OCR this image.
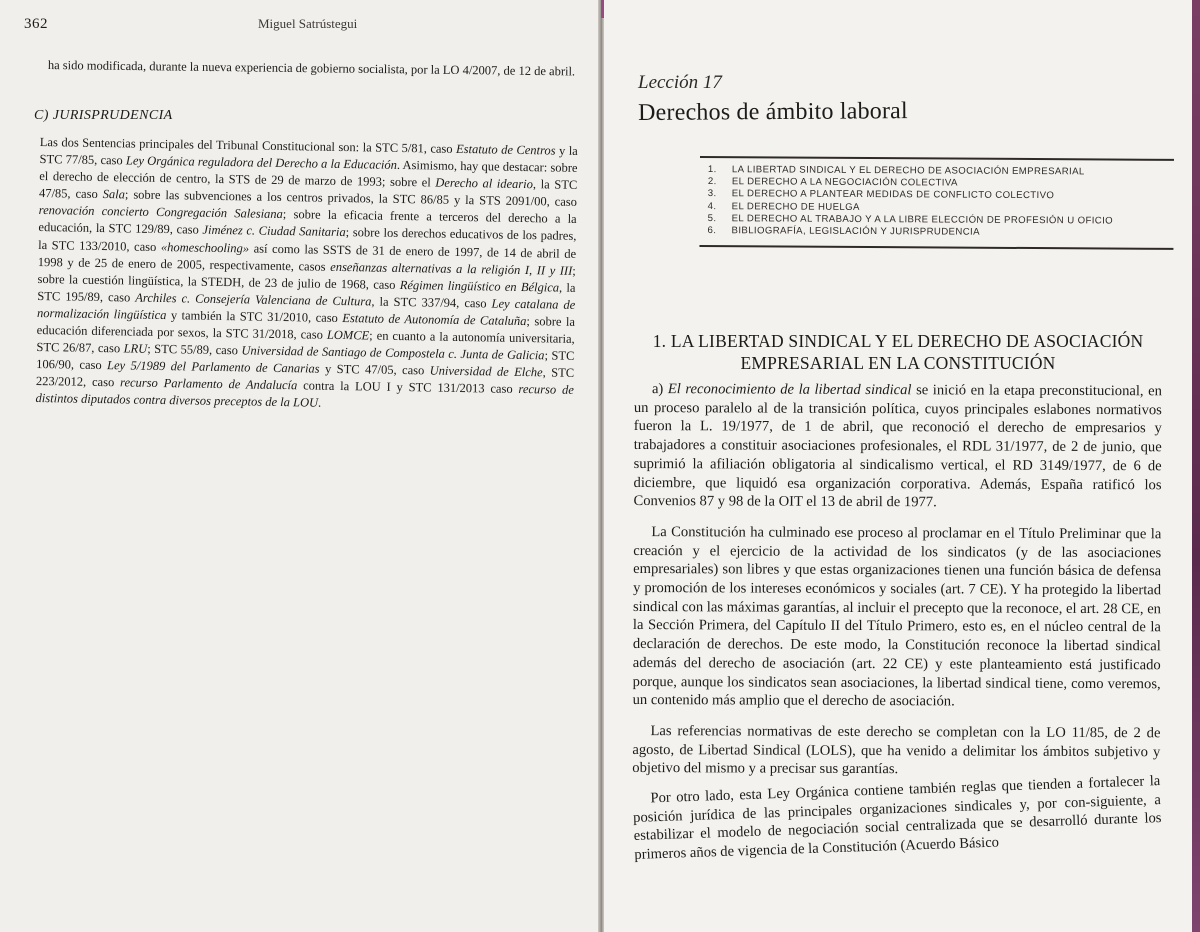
362	Miguel Satrústegui

ha sido modificada, durante la nueva experiencia de gobierno socialista, por la LO 4/2007, de 12 de abril.

C) JURISPRUDENCIA

Las dos Sentencias principales del Tribunal Constitucional son: la STC 5/81, caso Estatuto de Centros y la STC 77/85, caso Ley Orgánica reguladora del Derecho a la Educación. Asimismo, hay que destacar: sobre el derecho de elección de centro, la STS de 29 de marzo de 1993; sobre el Derecho al ideario, la STC 47/85, caso Sala; sobre las subvenciones a los centros privados, la STC 86/85 y la STS 2091/00, caso renovación concierto Congregación Salesiana; sobre la eficacia frente a terceros del derecho a la educación, la STC 129/89, caso Jiménez c. Ciudad Sanitaria; sobre los derechos educativos de los padres, la STC 133/2010, caso «homeschooling» así como las SSTS de 31 de enero de 1997, de 14 de abril de 1998 y de 25 de enero de 2005, respectivamente, casos enseñanzas alternativas a la religión I, II y III; sobre la cuestión lingüística, la STEDH, de 23 de julio de 1968, caso Régimen lingüístico en Bélgica, la STC 195/89, caso Archiles c. Consejería Valenciana de Cultura, la STC 337/94, caso Ley catalana de normalización lingüística y también la STC 31/2010, caso Estatuto de Autonomía de Cataluña; sobre la educación diferenciada por sexos, la STC 31/2018, caso LOMCE; en cuanto a la autonomía universitaria, STC 26/87, caso LRU; STC 55/89, caso Universidad de Santiago de Compostela c. Junta de Galicia; STC 106/90, caso Ley 5/1989 del Parlamento de Canarias y STC 47/05, caso Universidad de Elche, STC 223/2012, caso recurso Parlamento de Andalucía contra la LOU I y STC 131/2013 caso recurso de distintos diputados contra diversos preceptos de la LOU.

Lección 17
Derechos de ámbito laboral
1. LA LIBERTAD SINDICAL Y EL DERECHO DE ASOCIACIÓN EMPRESARIAL
2. EL DERECHO A LA NEGOCIACIÓN COLECTIVA
3. EL DERECHO A PLANTEAR MEDIDAS DE CONFLICTO COLECTIVO
4. EL DERECHO DE HUELGA
5. EL DERECHO AL TRABAJO Y A LA LIBRE ELECCIÓN DE PROFESIÓN U OFICIO
6. BIBLIOGRAFÍA, LEGISLACIÓN Y JURISPRUDENCIA
1. LA LIBERTAD SINDICAL Y EL DERECHO DE ASOCIACIÓN
EMPRESARIAL EN LA CONSTITUCIÓN

a) El reconocimiento de la libertad sindical se inició en la etapa preconstitucional, en un proceso paralelo al de la transición política, cuyos principales eslabones normativos fueron la L. 19/1977, de 1 de abril, que reconoció el derecho de empresarios y trabajadores a constituir asociaciones profesionales, el RDL 31/1977, de 2 de junio, que suprimió la afiliación obligatoria al sindicalismo vertical, el RD 3149/1977, de 6 de diciembre, que liquidó esa organización corporativa. Además, España ratificó los Convenios 87 y 98 de la OIT el 13 de abril de 1977.

La Constitución ha culminado ese proceso al proclamar en el Título Preliminar que la creación y el ejercicio de la actividad de los sindicatos (y de las asociaciones empresariales) son libres y que estas organizaciones tienen una función básica de defensa y promoción de los intereses económicos y sociales (art. 7 CE). Y ha protegido la libertad sindical con las máximas garantías, al incluir el precepto que la reconoce, el art. 28 CE, en la Sección Primera, del Capítulo II del Título Primero, esto es, en el núcleo central de la declaración de derechos. De este modo, la Constitución reconoce la libertad sindical además del derecho de asociación (art. 22 CE) y este planteamiento está justificado porque, aunque los sindicatos sean asociaciones, la libertad sindical tiene, como veremos, un contenido más amplio que el derecho de asociación.

Las referencias normativas de este derecho se completan con la LO 11/85, de 2 de agosto, de Libertad Sindical (LOLS), que ha venido a delimitar los ámbitos subjetivo y objetivo del mismo y a precisar sus garantías.

Por otro lado, esta Ley Orgánica contiene también reglas que tienden a fortalecer la posición jurídica de las principales organizaciones sindicales y, por con-siguiente, a estabilizar el modelo de negociación social centralizada que se desarrolló durante los primeros años de vigencia de la Constitución (Acuerdo Básico
